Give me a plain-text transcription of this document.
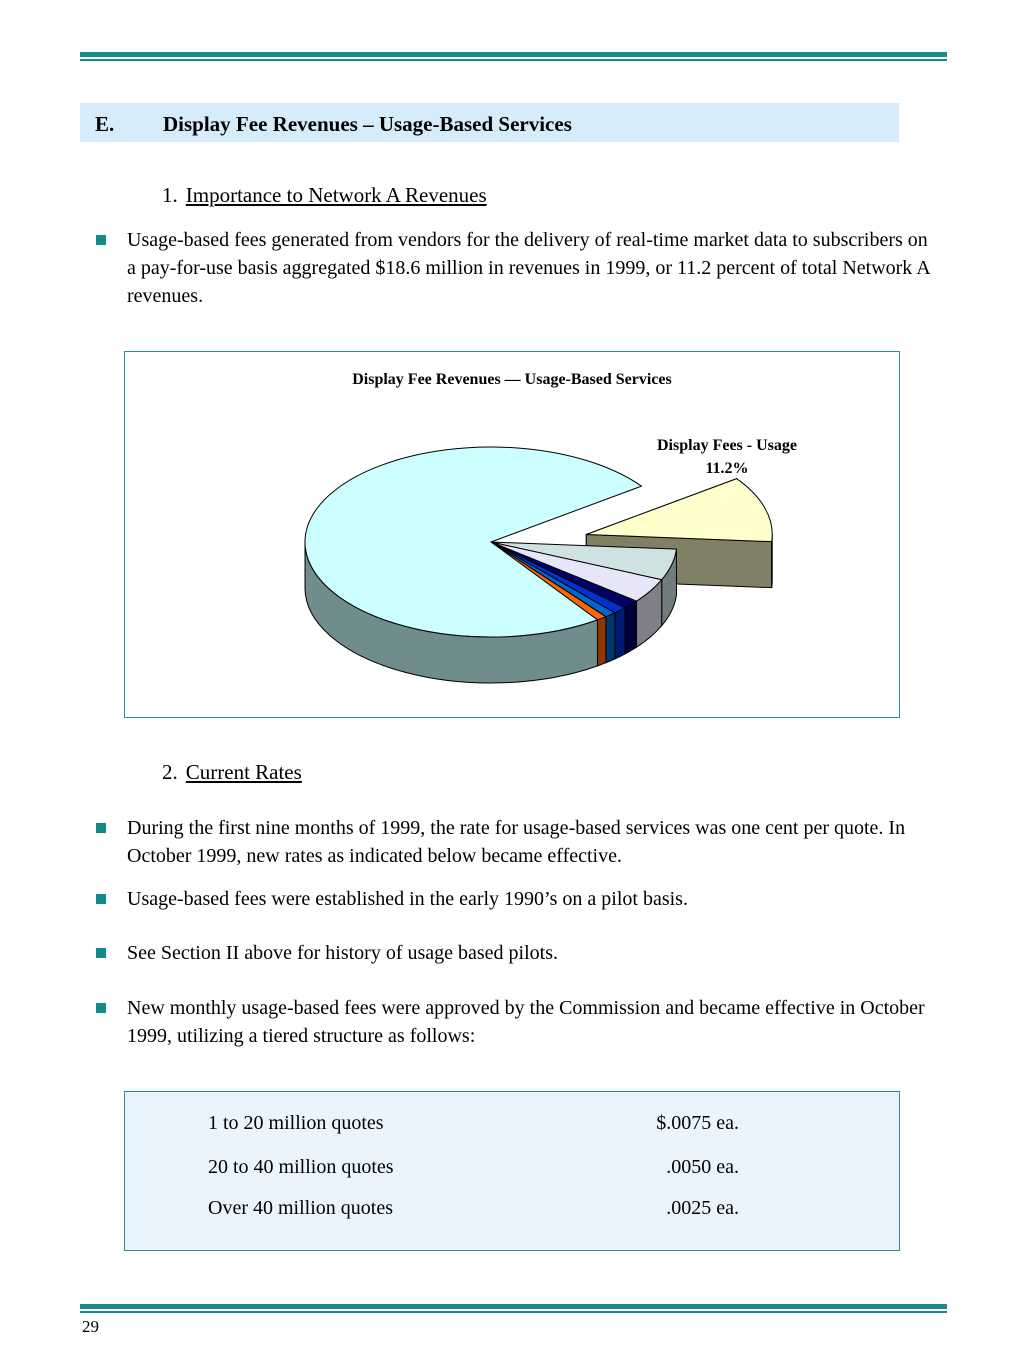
E. Display Fee Revenues – Usage-Based Services
1. Importance to Network A Revenues
Usage-based fees generated from vendors for the delivery of real-time market data to subscribers on a pay-for-use basis aggregated $18.6 million in revenues in 1999, or 11.2 percent of total Network A revenues.
Display Fee Revenues — Usage-Based Services
Display Fees - Usage
11.2%
2. Current Rates
During the first nine months of 1999, the rate for usage-based services was one cent per quote. In October 1999, new rates as indicated below became effective.
Usage-based fees were established in the early 1990’s on a pilot basis.
See Section II above for history of usage based pilots.
New monthly usage-based fees were approved by the Commission and became effective in October 1999, utilizing a tiered structure as follows:
1 to 20 million quotes	$.0075 ea.
20 to 40 million quotes	.0050 ea.
Over 40 million quotes	.0025 ea.
29
